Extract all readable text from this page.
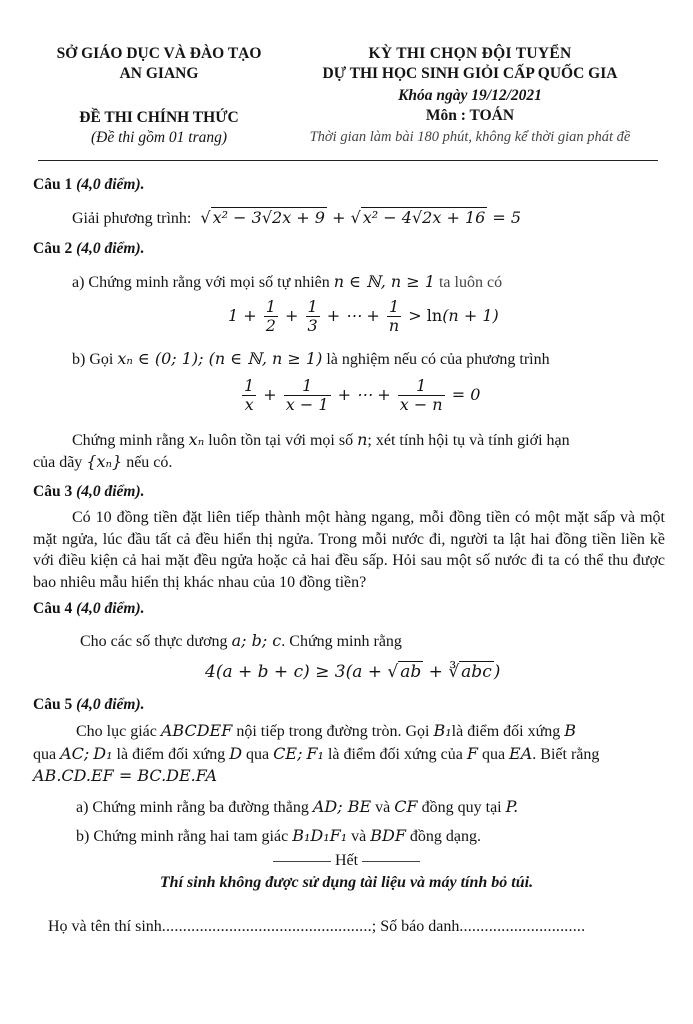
SỞ GIÁO DỤC VÀ ĐÀO TẠO
AN GIANG
ĐỀ THI CHÍNH THỨC
(Đề thi gồm 01 trang)
KỲ THI CHỌN ĐỘI TUYỂN
DỰ THI HỌC SINH GIỎI CẤP QUỐC GIA
Khóa ngày 19/12/2021
Môn : TOÁN
Thời gian làm bài 180 phút, không kể thời gian phát đề
Câu 1 (4,0 điểm).
Giải phương trình:  √ x² − 3√2x + 9 + √ x² − 4√2x + 16 = 5
Câu 2 (4,0 điểm).
a) Chứng minh rằng với mọi số tự nhiên n ∈ ℕ, n ≥ 1 ta luôn có
$1 + \frac{1}{2} + \frac{1}{3}$ + ⋯ + $\frac{1}{n} > \ln(n + 1)$
b) Gọi xₙ ∈ (0; 1); (n ∈ ℕ, n ≥ 1) là nghiệm nếu có của phương trình
$\frac{1}{x} + \frac{1}{x - 1}$ + ⋯ + $\frac{1}{x - n} = 0$
Chứng minh rằng xₙ luôn tồn tại với mọi số n; xét tính hội tụ và tính giới hạn
của dãy {xₙ} nếu có.
Câu 3 (4,0 điểm).
Có 10 đồng tiền đặt liên tiếp thành một hàng ngang, mỗi đồng tiền có một mặt sấp và một mặt ngửa, lúc đầu tất cả đều hiển thị ngửa. Trong mỗi nước đi, người ta lật hai đồng tiền liền kề với điều kiện cả hai mặt đều ngửa hoặc cả hai đều sấp. Hỏi sau một số nước đi ta có thể thu được bao nhiêu mẫu hiển thị khác nhau của 10 đồng tiền?
Câu 4 (4,0 điểm).
Cho các số thực dương a; b; c. Chứng minh rằng
4(a + b + c) ≥ 3(a + √ ab + ∛ abc )
Câu 5 (4,0 điểm).
Cho lục giác ABCDEF nội tiếp trong đường tròn. Gọi B₁là điểm đối xứng B
qua AC; D₁ là điểm đối xứng D qua CE; F₁ là điểm đối xứng của F qua EA. Biết rằng
AB.CD.EF = BC.DE.FA
a) Chứng minh rằng ba đường thẳng AD; BE và CF đồng quy tại P.
b) Chứng minh rằng hai tam giác B₁D₁F₁ và BDF đồng dạng.
Hết
Thí sinh không được sử dụng tài liệu và máy tính bỏ túi.
Họ và tên thí sinh..................................................; Số báo danh..............................
